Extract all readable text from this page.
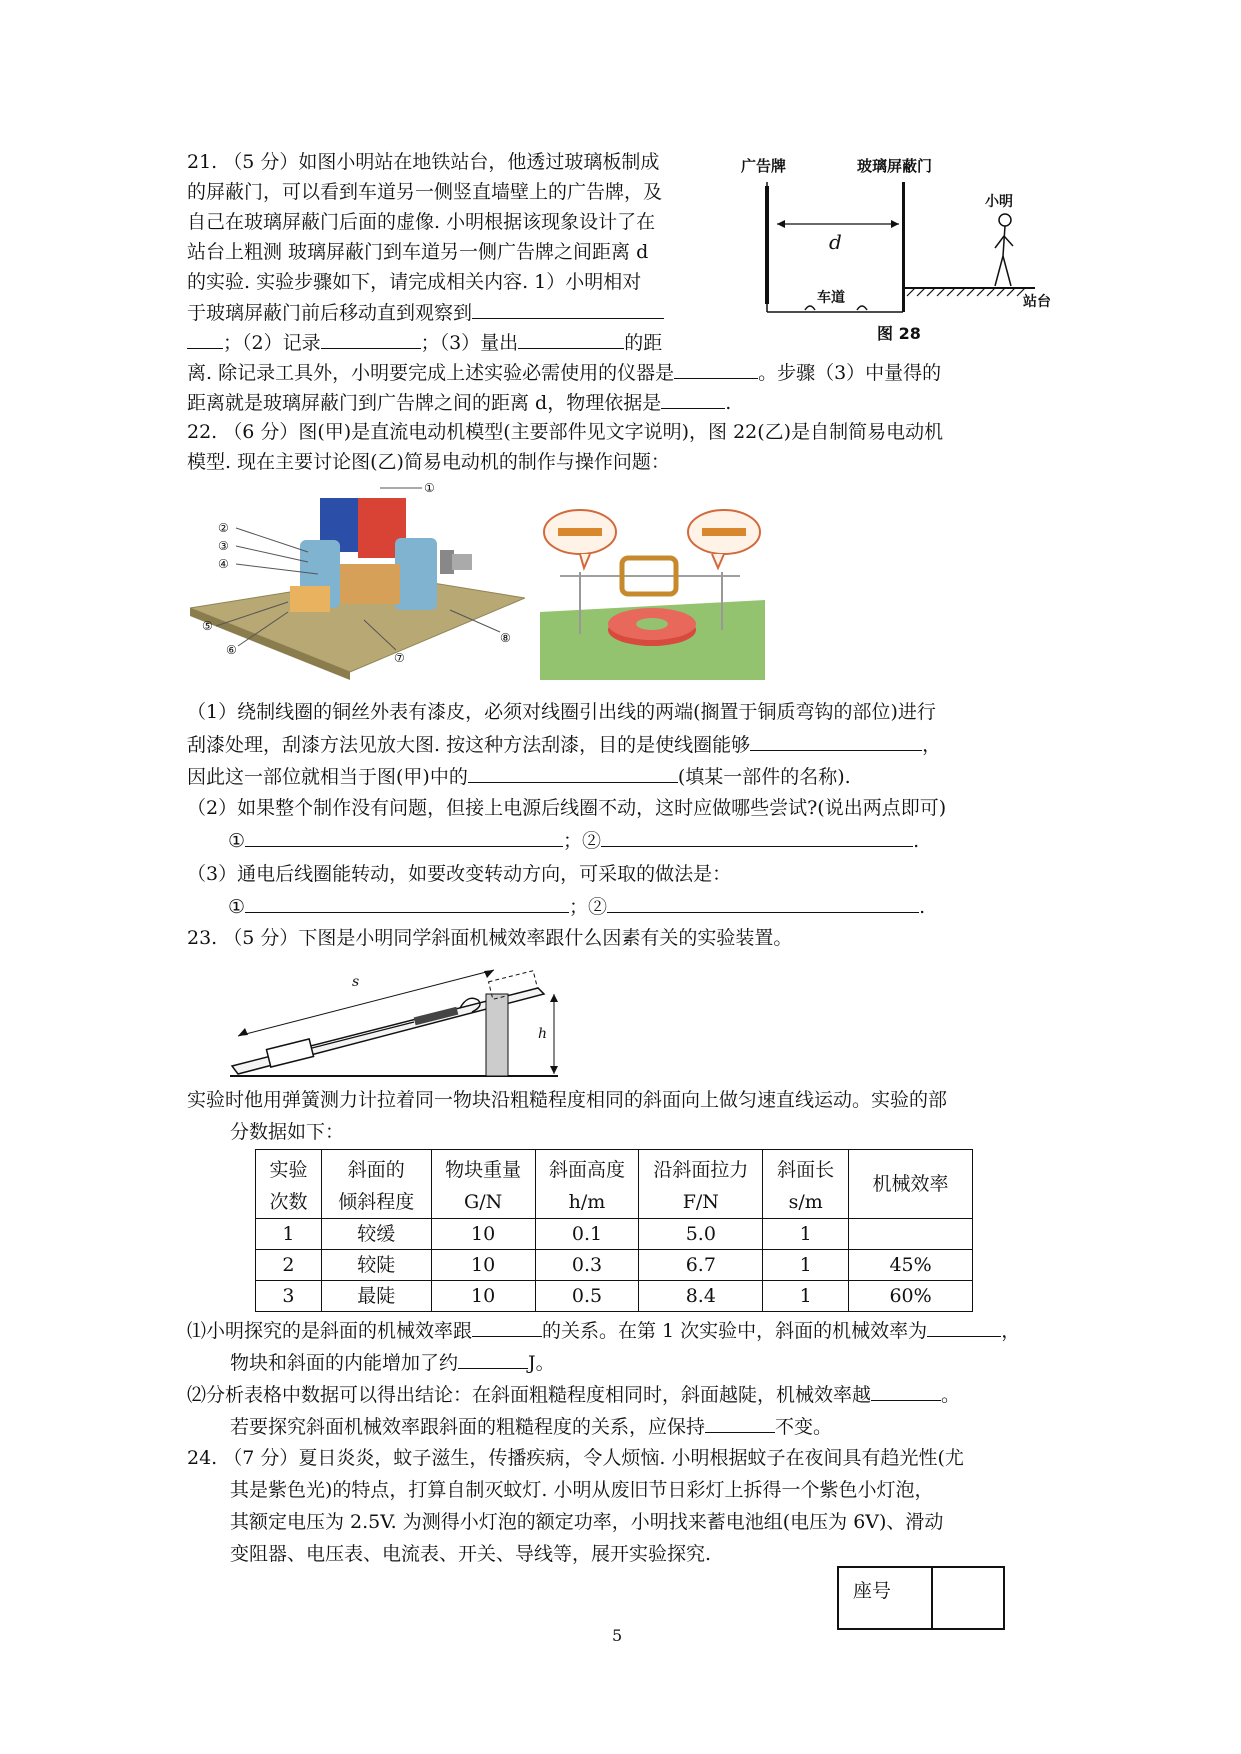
21. （5 分）如图小明站在地铁站台，他透过玻璃板制成
的屏蔽门，可以看到车道另一侧竖直墙壁上的广告牌，及
自己在玻璃屏蔽门后面的虚像. 小明根据该现象设计了在
站台上粗测 玻璃屏蔽门到车道另一侧广告牌之间距离 d
的实验. 实验步骤如下，请完成相关内容. 1）小明相对
于玻璃屏蔽门前后移动直到观察到
；（2）记录	；（3）量出	的距
离. 除记录工具外，小明要完成上述实验必需使用的仪器是	。步骤（3）中量得的
距离就是玻璃屏蔽门到广告牌之间的距离 d，物理依据是	.
广告牌	玻璃屏蔽门
小明
d
车道	站台
图 28
22. （6 分）图(甲)是直流电动机模型(主要部件见文字说明)，图 22(乙)是自制简易电动机
模型. 现在主要讨论图(乙)简易电动机的制作与操作问题：
①
②
③
④
⑤
⑥
⑦
⑧
（1）绕制线圈的铜丝外表有漆皮，必须对线圈引出线的两端(搁置于铜质弯钩的部位)进行
刮漆处理，刮漆方法见放大图. 按这种方法刮漆，目的是使线圈能够	，
因此这一部位就相当于图(甲)中的	(填某一部件的名称).
（2）如果整个制作没有问题，但接上电源后线圈不动，这时应做哪些尝试?(说出两点即可)
①	；②	.
（3）通电后线圈能转动，如要改变转动方向，可采取的做法是：
①	；②	.
23. （5 分）下图是小明同学斜面机械效率跟什么因素有关的实验装置。
s
h
实验时他用弹簧测力计拉着同一物块沿粗糙程度相同的斜面向上做匀速直线运动。实验的部
分数据如下：
实验
次数	斜面的
倾斜程度	物块重量
G/N	斜面高度
h/m	沿斜面拉力
F/N	斜面长
s/m	机械效率
1	较缓	10	0.1	5.0	1	
2	较陡	10	0.3	6.7	1	45%
3	最陡	10	0.5	8.4	1	60%
⑴小明探究的是斜面的机械效率跟	的关系。在第 1 次实验中，斜面的机械效率为	，
物块和斜面的内能增加了约	J。
⑵分析表格中数据可以得出结论：在斜面粗糙程度相同时，斜面越陡，机械效率越	。
若要探究斜面机械效率跟斜面的粗糙程度的关系，应保持	不变。
24. （7 分）夏日炎炎，蚊子滋生，传播疾病，令人烦恼. 小明根据蚊子在夜间具有趋光性(尤
其是紫色光)的特点，打算自制灭蚊灯. 小明从废旧节日彩灯上拆得一个紫色小灯泡，
其额定电压为 2.5V. 为测得小灯泡的额定功率，小明找来蓄电池组(电压为 6V)、滑动
变阻器、电压表、电流表、开关、导线等，展开实验探究.
座号
5
